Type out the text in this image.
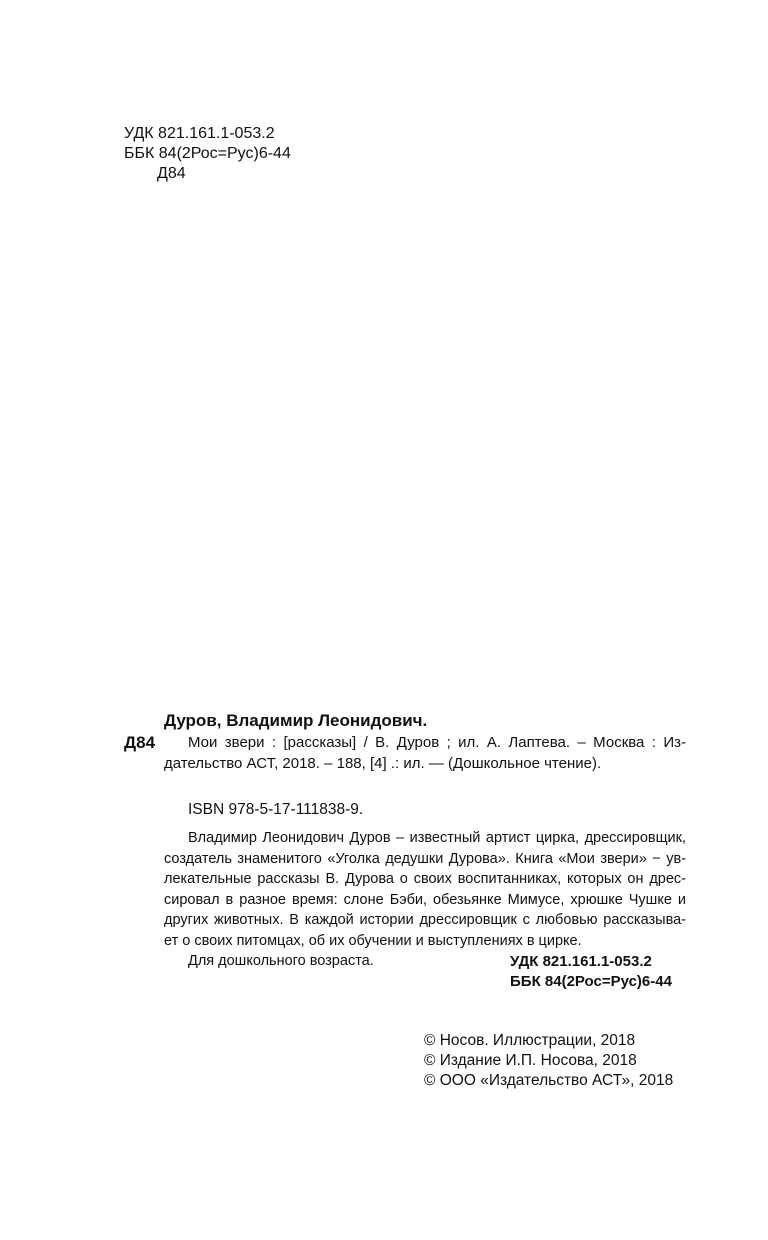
УДК 821.161.1-053.2
ББК 84(2Рос=Рус)6-44
Д84
Дуров, Владимир Леонидович.
Д84	Мои звери : [рассказы] / В. Дуров ; ил. А. Лаптева. – Москва : Из-
дательство АСТ, 2018. – 188, [4] .: ил. — (Дошкольное чтение).
ISBN 978-5-17-111838-9.
Владимир Леонидович Дуров – известный артист цирка, дрессировщик,
создатель знаменитого «Уголка дедушки Дурова». Книга «Мои звери» − ув-
лекательные рассказы В. Дурова о своих воспитанниках, которых он дрес-
сировал в разное время: слоне Бэби, обезьянке Мимусе, хрюшке Чушке и
других животных. В каждой истории дрессировщик с любовью рассказыва-
ет о своих питомцах, об их обучении и выступлениях в цирке.
Для дошкольного возраста.	УДК 821.161.1-053.2
ББК 84(2Рос=Рус)6-44
© Носов. Иллюстрации, 2018
© Издание И.П. Носова, 2018
© ООО «Издательство АСТ», 2018
